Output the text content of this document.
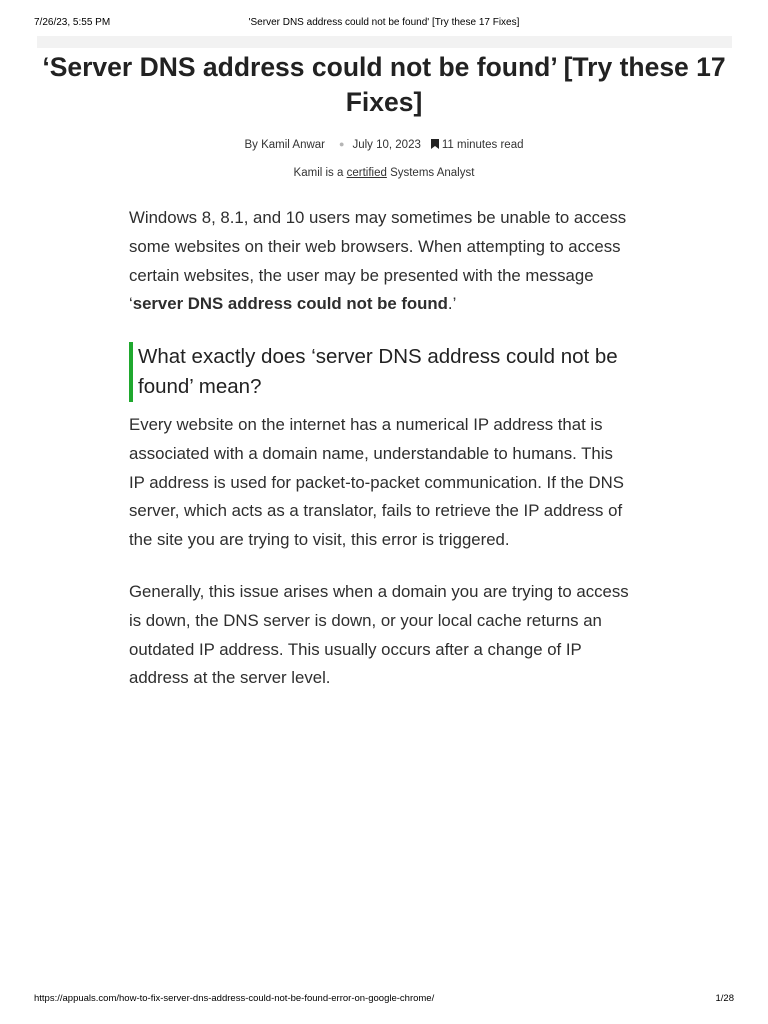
7/26/23, 5:55 PM	'Server DNS address could not be found' [Try these 17 Fixes]
‘Server DNS address could not be found’ [Try these 17 Fixes]
By Kamil Anwar ● July 10, 2023 11 minutes read
Kamil is a certified Systems Analyst

Windows 8, 8.1, and 10 users may sometimes be unable to access some websites on their web browsers. When attempting to access certain websites, the user may be presented with the message ‘server DNS address could not be found.’

What exactly does ‘server DNS address could not be found’ mean?

Every website on the internet has a numerical IP address that is associated with a domain name, understandable to humans. This IP address is used for packet-to-packet communication. If the DNS server, which acts as a translator, fails to retrieve the IP address of the site you are trying to visit, this error is triggered.

Generally, this issue arises when a domain you are trying to access is down, the DNS server is down, or your local cache returns an outdated IP address. This usually occurs after a change of IP address at the server level.

https://appuals.com/how-to-fix-server-dns-address-could-not-be-found-error-on-google-chrome/	1/28
